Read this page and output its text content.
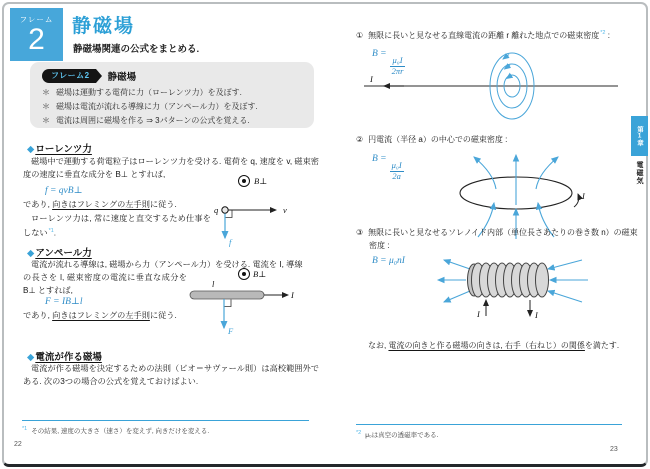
フレーム
2	静磁場
静磁場関連の公式をまとめる.
フレーム2	静磁場
＊ 磁場は運動する電荷に力（ローレンツ力）を及ぼす.
＊ 磁場は電流が流れる導線に力（アンペール力）を及ぼす.
＊ 電流は周囲に磁場を作る ⇒ 3パターンの公式を覚える.
◆ローレンツ力
磁場中で運動する荷電粒子はローレンツ力を受ける. 電荷を q, 速度を v, 磁束密度の速度に垂直な成分を B⊥ とすれば,
f = qvB⊥
であり, 向きはフレミングの左手則に従う.
ローレンツ力は, 常に速度と直交するため仕事をしない$^{*1}$.
B⊥
q	v
f
◆アンペール力
電流が流れる導線は, 磁場から力（アンペール力）を受ける. 電流を I, 導線
の長さを l, 磁束密度の電流に垂直な成分を B⊥ とすれば,
F = IB⊥l
であり, 向きはフレミングの左手則に従う.
B⊥
l
I
F
◆電流が作る磁場
電流が作る磁場を決定するための法則（ビオ＝サヴァール則）は高校範囲外である. 次の3つの場合の公式を覚えておけばよい.
$^{*1}$ その結果, 速度の大きさ（速さ）を変えず, 向きだけを変える.
22
① 無限に長いと見なせる直線電流の距離 r 離れた地点での磁束密度$^{*2}$ :
B =
$\frac{\text{μ₀I}}{2\pi r}$
I
② 円電流（半径 a）の中心での磁束密度 :
B =
$\frac{\text{μ₀I}}{2a}$
I
③ 無限に長いと見なせるソレノイド内部（単位長さあたりの巻き数 n）の磁束密度 :
B = μ₀nI
I	I
なお, 電流の向きと作る磁場の向きは, 右手（右ねじ）の関係を満たす.
$^{*2}$ μ₀は真空の透磁率である.
23
第1章
電磁気
